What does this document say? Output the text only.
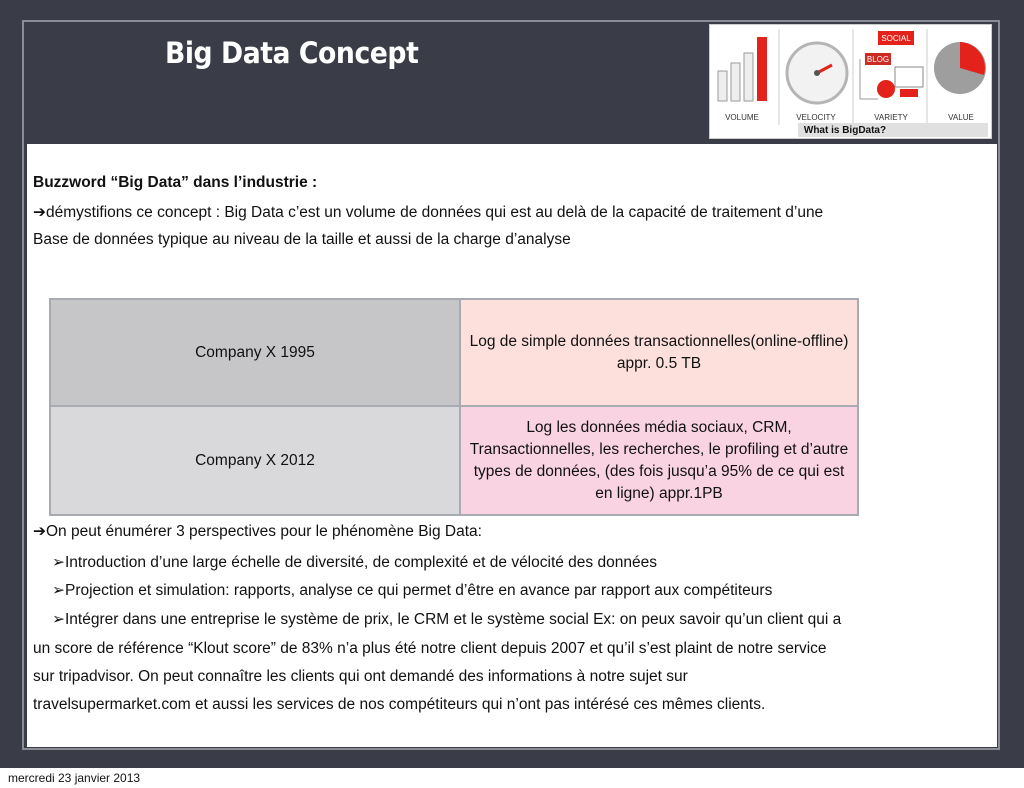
Big Data Concept	SOCIAL
BLOG
VOLUME	VELOCITY	VARIETY	VALUE
What is BigData?
Buzzword “Big Data” dans l’industrie :
➔démystifions ce concept : Big Data c’est un volume de données qui est au delà de la capacité de traitement d’une
Base de données typique au niveau de la taille et aussi de la charge d’analyse
Company X 1995	Log de simple données transactionnelles(online-offline) appr. 0.5 TB
Company X 2012	Log les données média sociaux, CRM, Transactionnelles, les recherches, le profiling et d’autre types de données, (des fois jusqu’a 95% de ce qui est en ligne) appr.1PB
➔On peut énumérer 3 perspectives pour le phénomène Big Data:
➢Introduction d’une large échelle de diversité, de complexité et de vélocité des données
➢Projection et simulation: rapports, analyse ce qui permet d’être en avance par rapport aux compétiteurs
➢Intégrer dans une entreprise le système de prix, le CRM et le système social Ex: on peux savoir qu’un client qui a
un score de référence “Klout score” de 83% n’a plus été notre client depuis 2007 et qu’il s’est plaint de notre service
sur tripadvisor. On peut connaître les clients qui ont demandé des informations à notre sujet sur
travelsupermarket.com et aussi les services de nos compétiteurs qui n’ont pas intérésé ces mêmes clients.
mercredi 23 janvier 2013
